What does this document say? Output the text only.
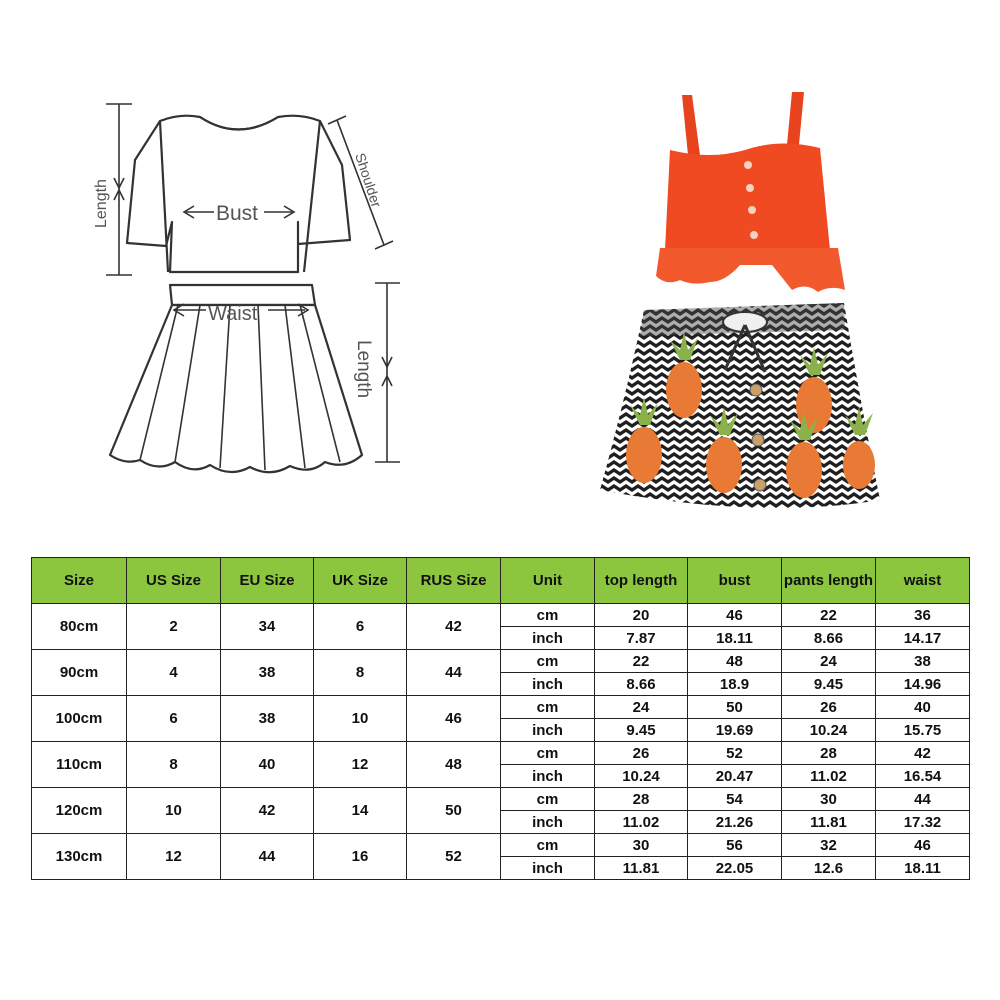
Length	Bust
Shoulder
Waist
Length
Size	US Size	EU Size	UK Size	RUS Size	Unit	top length	bust	pants length	waist
80cm	2	34	6	42	cm	20	46	22	36
					inch	7.87	18.11	8.66	14.17
90cm	4	38	8	44	cm	22	48	24	38
					inch	8.66	18.9	9.45	14.96
100cm	6	38	10	46	cm	24	50	26	40
					inch	9.45	19.69	10.24	15.75
110cm	8	40	12	48	cm	26	52	28	42
					inch	10.24	20.47	11.02	16.54
120cm	10	42	14	50	cm	28	54	30	44
					inch	11.02	21.26	11.81	17.32
130cm	12	44	16	52	cm	30	56	32	46
					inch	11.81	22.05	12.6	18.11
